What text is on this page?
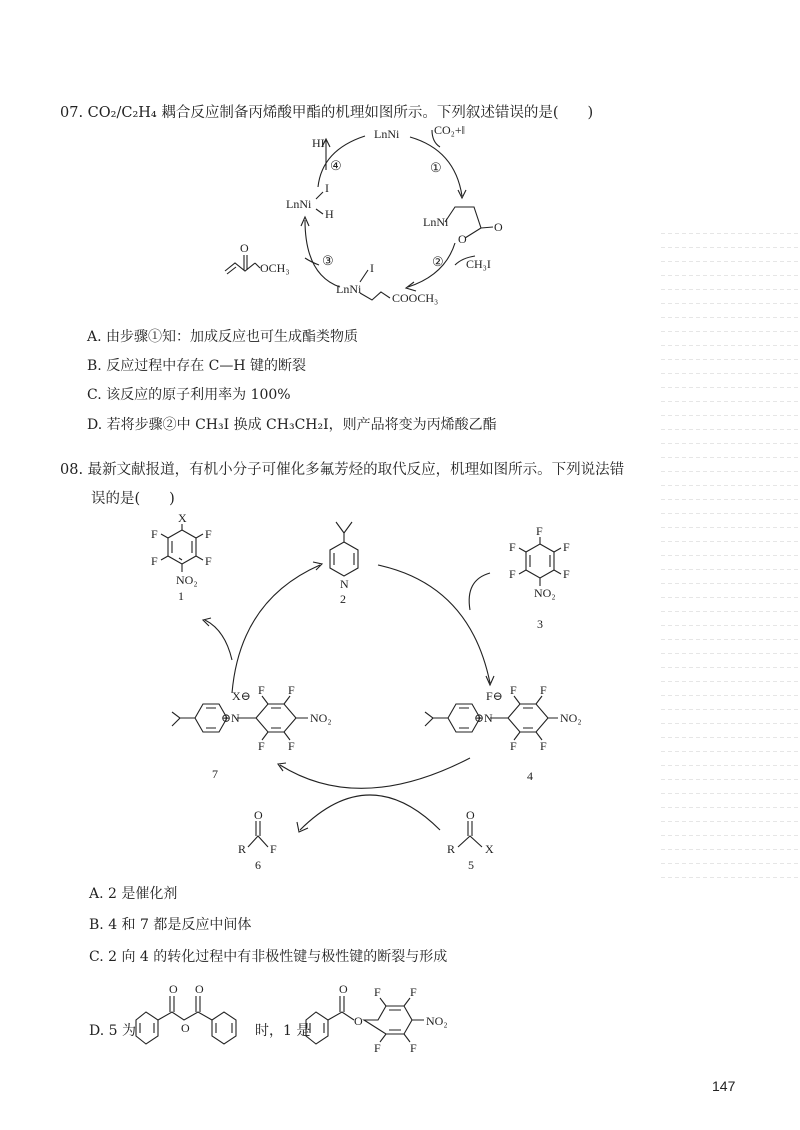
07. CO₂/C₂H₄ 耦合反应制备丙烯酸甲酯的机理如图所示。下列叙述错误的是(　　)
LnNi
HI
CO₂+‖
①
②
③
④
LnNi
O
O
CH₃I
LnNi
I
H
LnNi
I
COOCH₃
O
OCH₃
A. 由步骤①知：加成反应也可生成酯类物质
B. 反应过程中存在 C—H 键的断裂
C. 该反应的原子利用率为 100%
D. 若将步骤②中 CH₃I 换成 CH₃CH₂I，则产品将变为丙烯酸乙酯
08. 最新文献报道，有机小分子可催化多氟芳烃的取代反应，机理如图所示。下列说法错
误的是(　　)
X
F	F
F	F
NO₂
1
N
2
F
F	F
F	F
NO₂
3
X⊖
⊕ N
F F
F F
NO₂
7
F⊖
⊕ N
F F
F F
NO₂
4
R
O
F
6
R
O
X
5
A. 2 是催化剂
B. 4 和 7 都是反应中间体
C. 2 向 4 的转化过程中有非极性键与极性键的断裂与形成
D. 5 为	时，1 是
O O
O
O
O
F F
F F
NO₂
147
